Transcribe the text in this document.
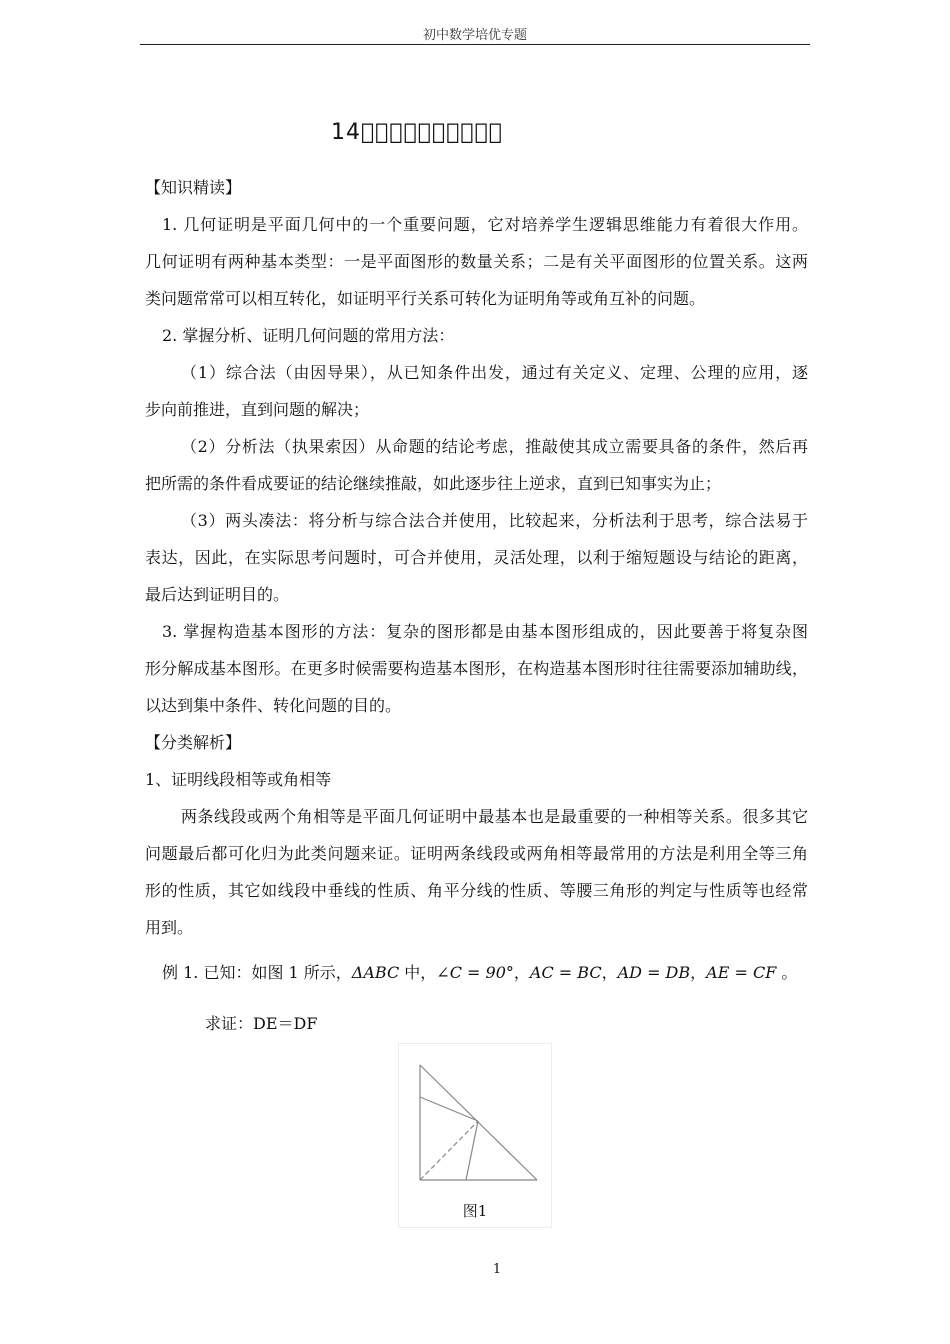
初中数学培优专题
14􀀀􀀀􀀀􀀀􀀀􀀀􀀀􀀀􀀀􀀀
【知识精读】
1. 几何证明是平面几何中的一个重要问题，它对培养学生逻辑思维能力有着很大作用。
几何证明有两种基本类型：一是平面图形的数量关系；二是有关平面图形的位置关系。这两
类问题常常可以相互转化，如证明平行关系可转化为证明角等或角互补的问题。
2. 掌握分析、证明几何问题的常用方法：
（1）综合法（由因导果），从已知条件出发，通过有关定义、定理、公理的应用，逐
步向前推进，直到问题的解决；
（2）分析法（执果索因）从命题的结论考虑，推敲使其成立需要具备的条件，然后再
把所需的条件看成要证的结论继续推敲，如此逐步往上逆求，直到已知事实为止；
（3）两头凑法：将分析与综合法合并使用，比较起来，分析法利于思考，综合法易于
表达，因此，在实际思考问题时，可合并使用，灵活处理，以利于缩短题设与结论的距离，
最后达到证明目的。
3. 掌握构造基本图形的方法：复杂的图形都是由基本图形组成的，因此要善于将复杂图
形分解成基本图形。在更多时候需要构造基本图形，在构造基本图形时往往需要添加辅助线，
以达到集中条件、转化问题的目的。
【分类解析】
1、证明线段相等或角相等
两条线段或两个角相等是平面几何证明中最基本也是最重要的一种相等关系。很多其它
问题最后都可化归为此类问题来证。证明两条线段或两角相等最常用的方法是利用全等三角
形的性质，其它如线段中垂线的性质、角平分线的性质、等腰三角形的判定与性质等也经常
用到。
例 1. 已知：如图 1 所示，ΔABC 中，∠C = 90°，AC = BC，AD = DB，AE = CF 。
求证：DE＝DF
图1
1
